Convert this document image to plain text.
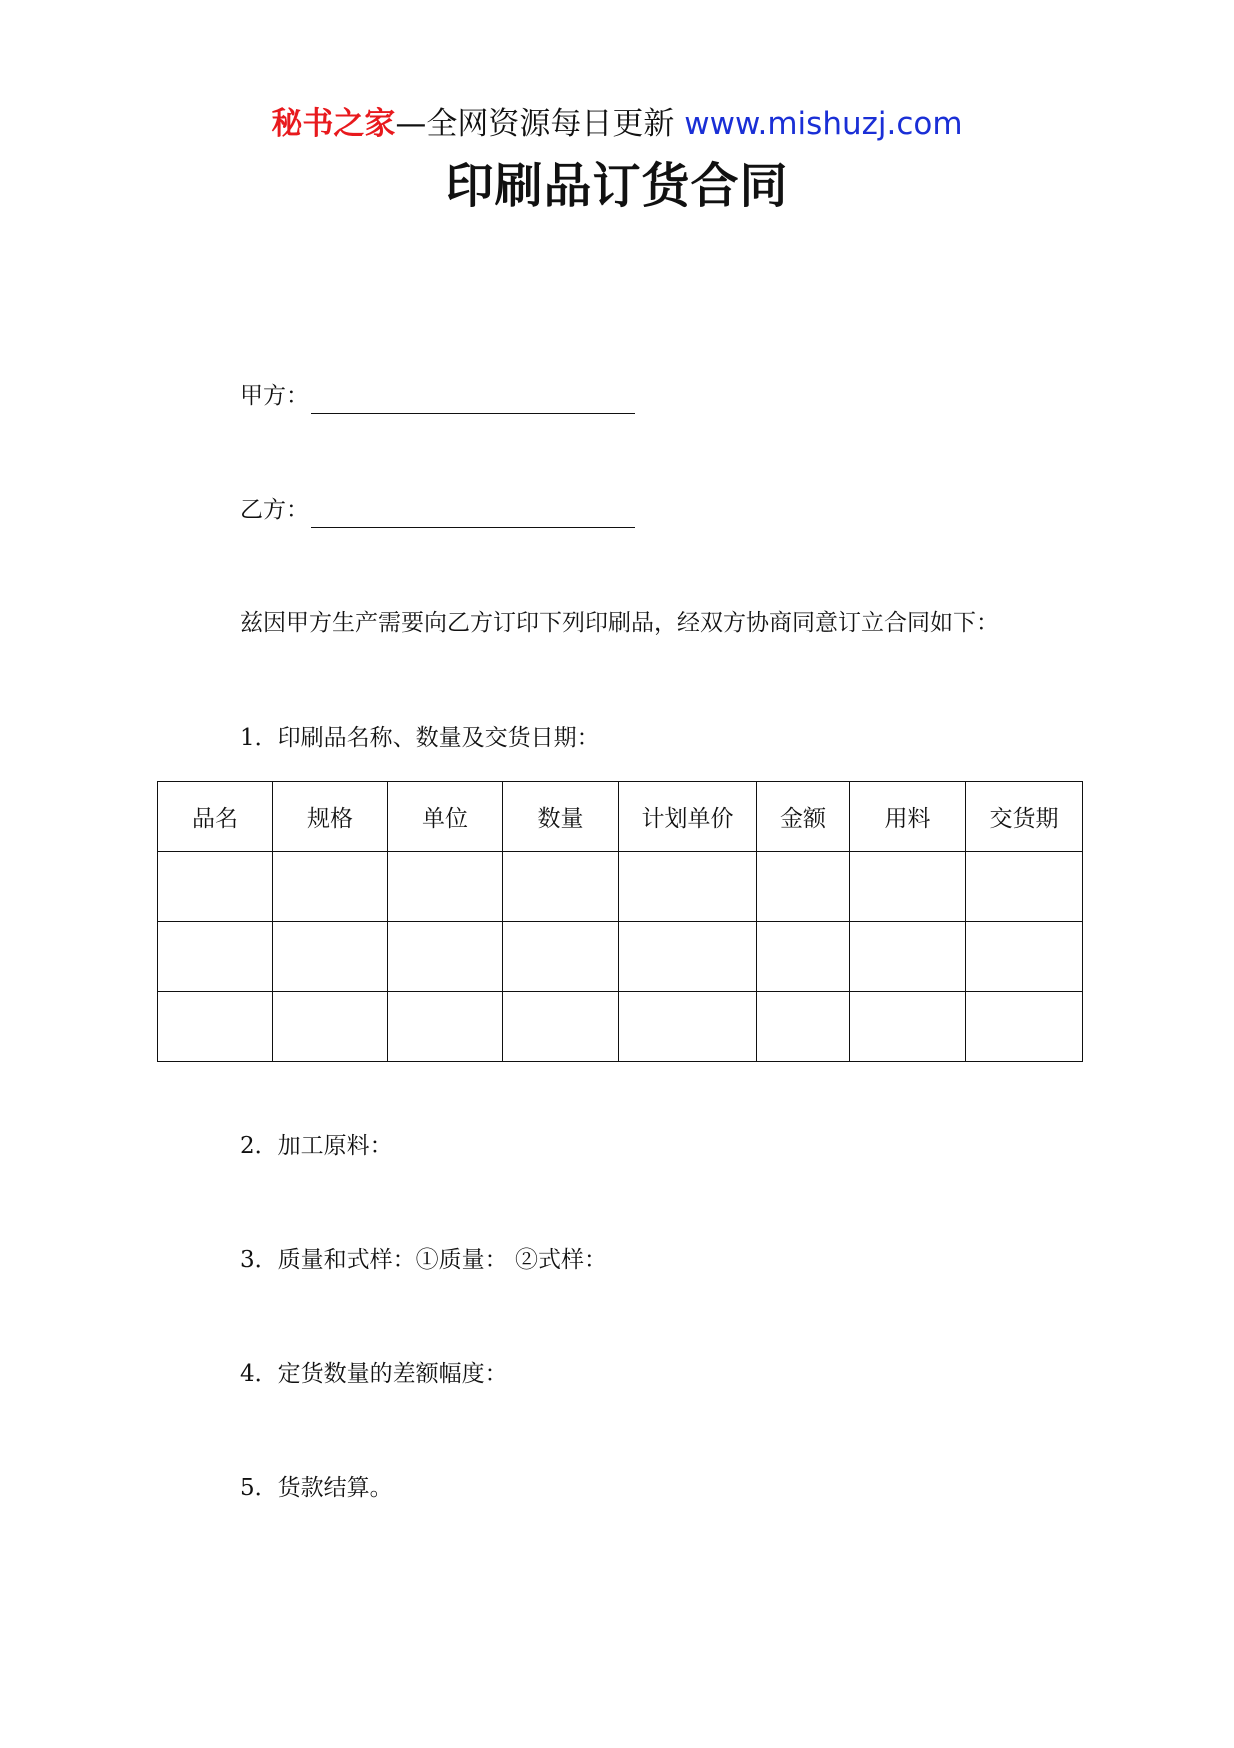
秘书之家—全网资源每日更新 www.mishuzj.com
印刷品订货合同
甲方：
乙方：
兹因甲方生产需要向乙方订印下列印刷品，经双方协商同意订立合同如下：
1．印刷品名称、数量及交货日期：
品名	规格	单位	数量	计划单价	金额	用料	交货期

2．加工原料：
3．质量和式样：①质量： ②式样：
4．定货数量的差额幅度：
5．货款结算。
